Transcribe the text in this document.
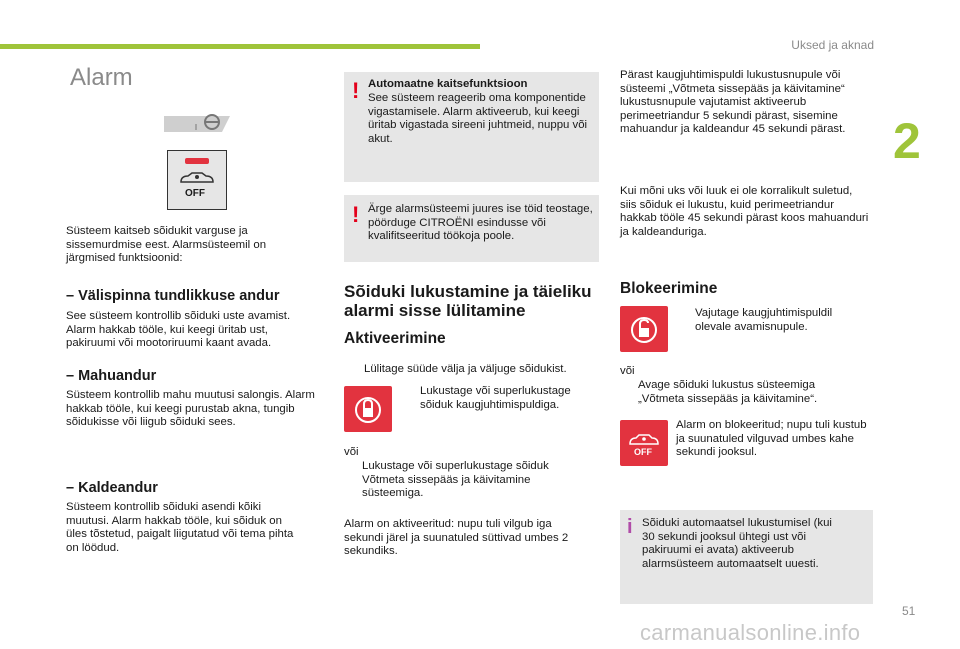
Uksed ja aknad
2
51
carmanualsonline.info
Alarm
OFF
Süsteem kaitseb sõidukit varguse ja sissemurdmise eest. Alarmsüsteemil on järgmised funktsioonid:
– Välispinna tundlikkuse andur
See süsteem kontrollib sõiduki uste avamist. Alarm hakkab tööle, kui keegi üritab ust, pakiruumi või mootoriruumi kaant avada.
– Mahuandur
Süsteem kontrollib mahu muutusi salongis. Alarm hakkab tööle, kui keegi purustab akna, tungib sõidukisse või liigub sõiduki sees.
– Kaldeandur
Süsteem kontrollib sõiduki asendi kõiki muutusi. Alarm hakkab tööle, kui sõiduk on üles tõstetud, paigalt liigutatud või tema pihta on löödud.
! Automaatne kaitsefunktsioon
See süsteem reageerib oma komponentide vigastamisele. Alarm aktiveerub, kui keegi üritab vigastada sireeni juhtmeid, nuppu või akut.
! Ärge alarmsüsteemi juures ise töid teostage, pöörduge CITROËNI esindusse või kvalifitseeritud töökoja poole.
Sõiduki lukustamine ja täieliku alarmi sisse lülitamine
Aktiveerimine
Lülitage süüde välja ja väljuge sõidukist.
Lukustage või superlukustage sõiduk kaugjuhtimispuldiga.
või
Lukustage või superlukustage sõiduk Võtmeta sissepääs ja käivitamine süsteemiga.
Alarm on aktiveeritud: nupu tuli vilgub iga sekundi järel ja suunatuled süttivad umbes 2 sekundiks.
Pärast kaugjuhtimispuldi lukustusnupule või süsteemi „Võtmeta sissepääs ja käivitamine“ lukustusnupule vajutamist aktiveerub perimeetriandur 5 sekundi pärast, sisemine mahuandur ja kaldeandur 45 sekundi pärast.
Kui mõni uks või luuk ei ole korralikult suletud, siis sõiduk ei lukustu, kuid perimeetriandur hakkab tööle 45 sekundi pärast koos mahuanduri ja kaldeanduriga.
Blokeerimine
Vajutage kaugjuhtimispuldil olevale avamisnupule.
või
Avage sõiduki lukustus süsteemiga „Võtmeta sissepääs ja käivitamine“.
OFF
Alarm on blokeeritud; nupu tuli kustub ja suunatuled vilguvad umbes kahe sekundi jooksul.
i Sõiduki automaatsel lukustumisel (kui 30 sekundi jooksul ühtegi ust või pakiruumi ei avata) aktiveerub alarmsüsteem automaatselt uuesti.
